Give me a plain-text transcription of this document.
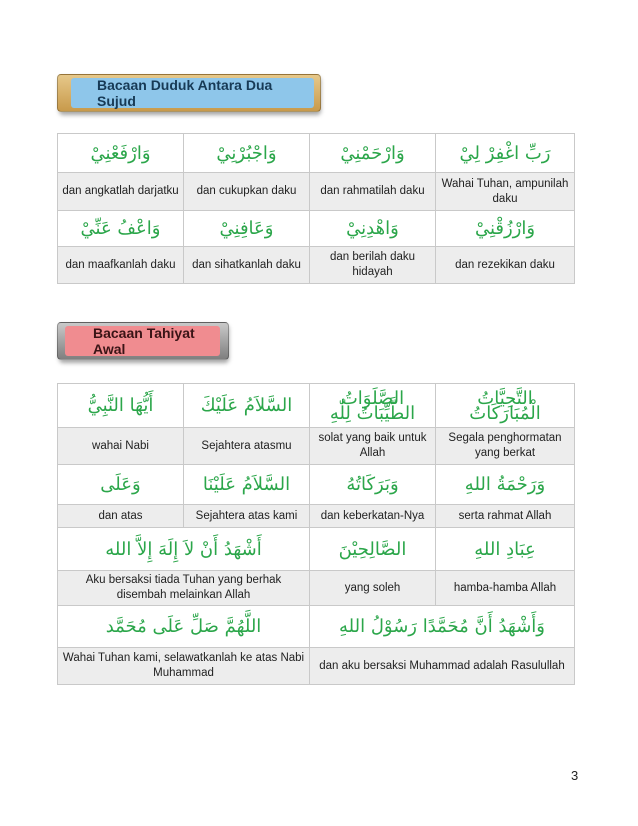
Bacaan Duduk Antara Dua Sujud
وَارْفَعْنِيْ	وَاجْبُرْنِيْ	وَارْحَمْنِيْ	رَبِّ اغْفِرْ لِيْ
dan angkatlah darjatku	dan cukupkan daku	dan rahmatilah daku	Wahai Tuhan, ampunilah daku
وَاعْفُ عَنِّيْ	وَعَافِنِيْ	وَاهْدِنِيْ	وَارْزُقْنِيْ
dan maafkanlah daku	dan sihatkanlah daku	dan berilah daku hidayah	dan rezekikan daku
Bacaan Tahiyat Awal
أَيُّهَا النَّبِيُّ	السَّلاَمُ عَلَيْكَ	الصَّلَوَاتُ الطَّيِّبَاتُ لِلّٰهِ	التَّحِيَّاتُ الْمُبَارَكَاتُ
wahai Nabi	Sejahtera atasmu	solat yang baik untuk Allah	Segala penghormatan yang berkat
وَعَلَى	السَّلاَمُ عَلَيْنَا	وَبَرَكَاتُهُ	وَرَحْمَةُ اللهِ
dan atas	Sejahtera atas kami	dan keberkatan-Nya	serta rahmat Allah
أَشْهَدُ أَنْ لاَ إِلَهَ إِلاَّ الله		الصَّالِحِيْنَ	عِبَادِ اللهِ
Aku bersaksi tiada Tuhan yang berhak disembah melainkan Allah		yang soleh	hamba-hamba Allah
اللَّهُمَّ صَلِّ عَلَى مُحَمَّد		وَأَشْهَدُ أَنَّ مُحَمَّدًا رَسُوْلُ اللهِ	
Wahai Tuhan kami, selawatkanlah ke atas Nabi Muhammad		dan aku bersaksi Muhammad adalah Rasulullah	
3
